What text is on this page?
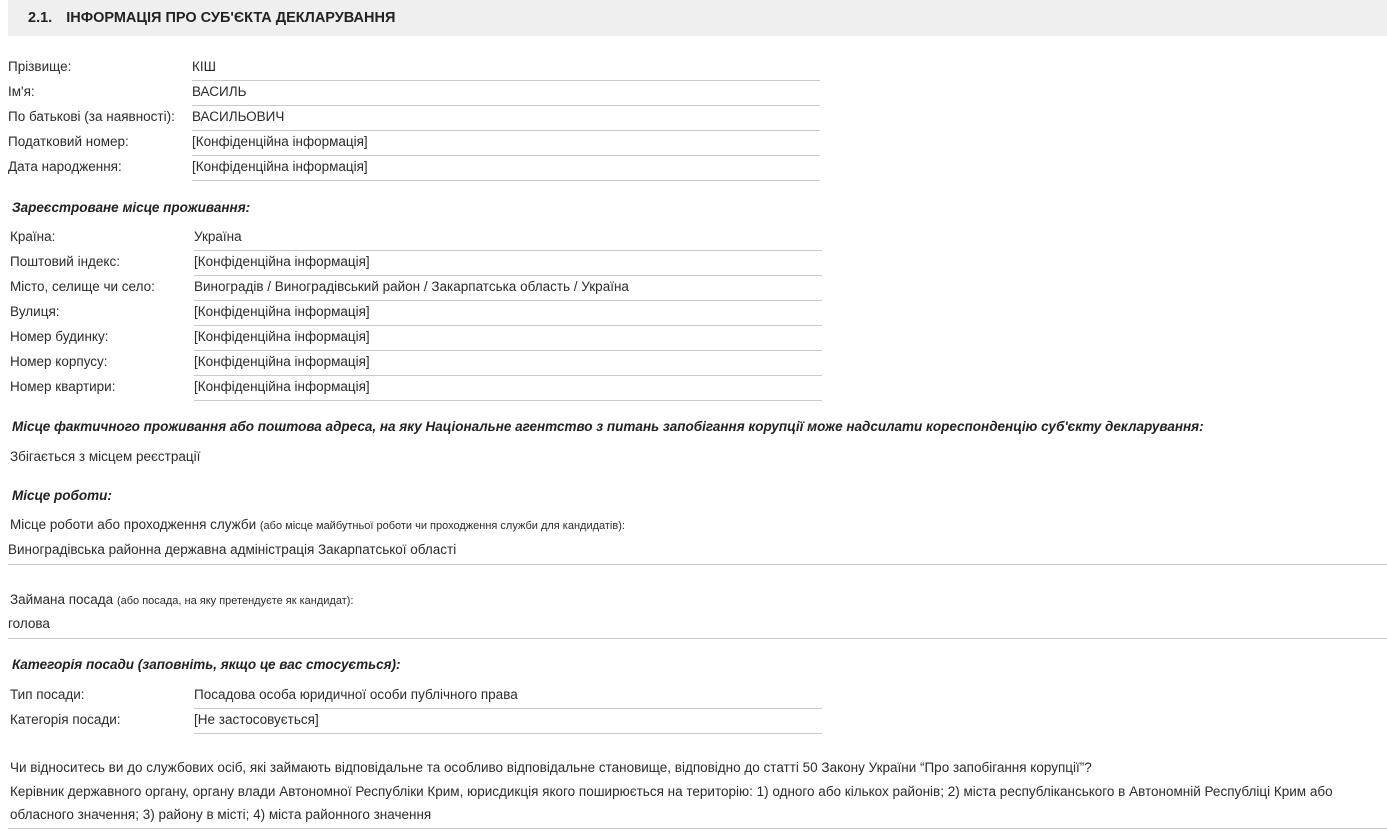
2.1. ІНФОРМАЦІЯ ПРО СУБ'ЄКТА ДЕКЛАРУВАННЯ
Прізвище:	КІШ
Ім'я:	ВАСИЛЬ
По батькові (за наявності): ВАСИЛЬОВИЧ
Податковий номер:	[Конфіденційна інформація]
Дата народження:	[Конфіденційна інформація]
Зареєстроване місце проживання:
Країна:	Україна
Поштовий індекс:	[Конфіденційна інформація]
Місто, селище чи село:	Виноградів / Виноградівський район / Закарпатська область / Україна
Вулиця:	[Конфіденційна інформація]
Номер будинку:	[Конфіденційна інформація]
Номер корпусу:	[Конфіденційна інформація]
Номер квартири:	[Конфіденційна інформація]
Місце фактичного проживання або поштова адреса, на яку Національне агентство з питань запобігання корупції може надсилати кореспонденцію суб'єкту декларування:
Збігається з місцем реєстрації
Місце роботи:
Місце роботи або проходження служби (або місце майбутньої роботи чи проходження служби для кандидатів):
Виноградівська районна державна адміністрація Закарпатської області
Займана посада (або посада, на яку претендуєте як кандидат):
голова
Категорія посади (заповніть, якщо це вас стосується):
Тип посади:	Посадова особа юридичної особи публічного права
Категорія посади:	[Не застосовується]
Чи відноситесь ви до службових осіб, які займають відповідальне та особливо відповідальне становище, відповідно до статті 50 Закону України “Про запобігання корупції”?
Керівник державного органу, органу влади Автономної Республіки Крим, юрисдикція якого поширюється на територію: 1) одного або кількох районів; 2) міста республіканського в Автономній Республіці Крим або
обласного значення; 3) району в місті; 4) міста районного значення
